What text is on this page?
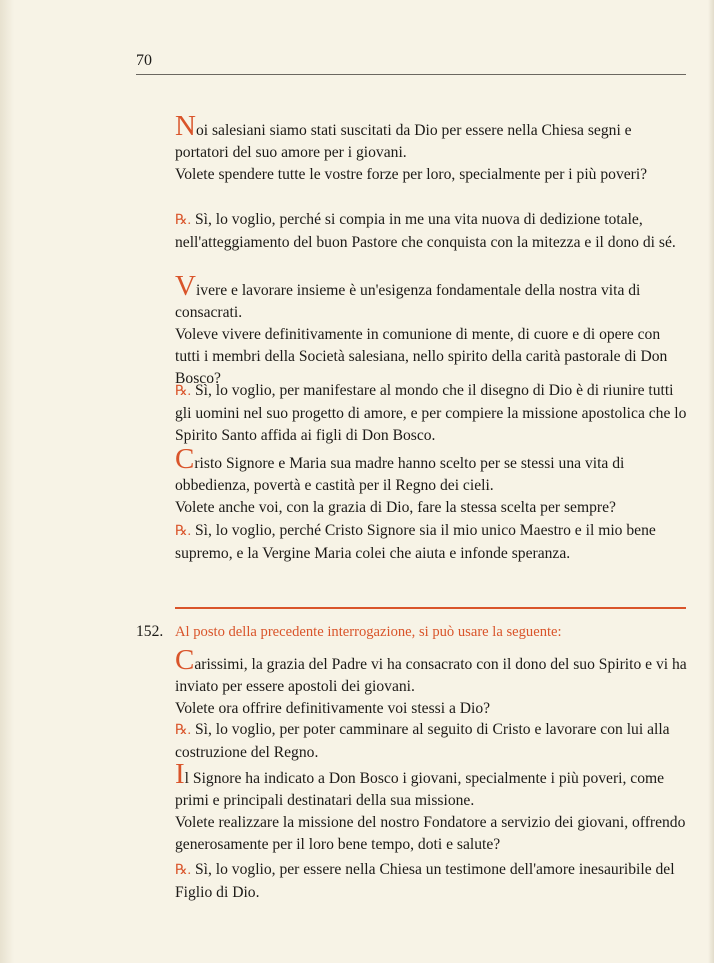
70

Noi salesiani siamo stati suscitati da Dio per essere nella Chiesa segni e portatori del suo amore per i giovani.

Volete spendere tutte le vostre forze per loro, specialmente per i più poveri?

℞. Sì, lo voglio, perché si compia in me una vita nuova di dedizione totale, nell'atteggiamento del buon Pastore che conquista con la mitezza e il dono di sé.

Vivere e lavorare insieme è un'esigenza fondamentale della nostra vita di consacrati.

Voleve vivere definitivamente in comunione di mente, di cuore e di opere con tutti i membri della Società salesiana, nello spirito della carità pastorale di Don Bosco?

℞. Sì, lo voglio, per manifestare al mondo che il disegno di Dio è di riunire tutti gli uomini nel suo progetto di amore, e per compiere la missione apostolica che lo Spirito Santo affida ai figli di Don Bosco.

Cristo Signore e Maria sua madre hanno scelto per se stessi una vita di obbedienza, povertà e castità per il Regno dei cieli.

Volete anche voi, con la grazia di Dio, fare la stessa scelta per sempre?

℞. Sì, lo voglio, perché Cristo Signore sia il mio unico Maestro e il mio bene supremo, e la Vergine Maria colei che aiuta e infonde speranza.

152. Al posto della precedente interrogazione, si può usare la seguente:

Carissimi, la grazia del Padre vi ha consacrato con il dono del suo Spirito e vi ha inviato per essere apostoli dei giovani.

Volete ora offrire definitivamente voi stessi a Dio?

℞. Sì, lo voglio, per poter camminare al seguito di Cristo e lavorare con lui alla costruzione del Regno.

Il Signore ha indicato a Don Bosco i giovani, specialmente i più poveri, come primi e principali destinatari della sua missione.

Volete realizzare la missione del nostro Fondatore a servizio dei giovani, offrendo generosamente per il loro bene tempo, doti e salute?

℞. Sì, lo voglio, per essere nella Chiesa un testimone dell'amore inesauribile del Figlio di Dio.
